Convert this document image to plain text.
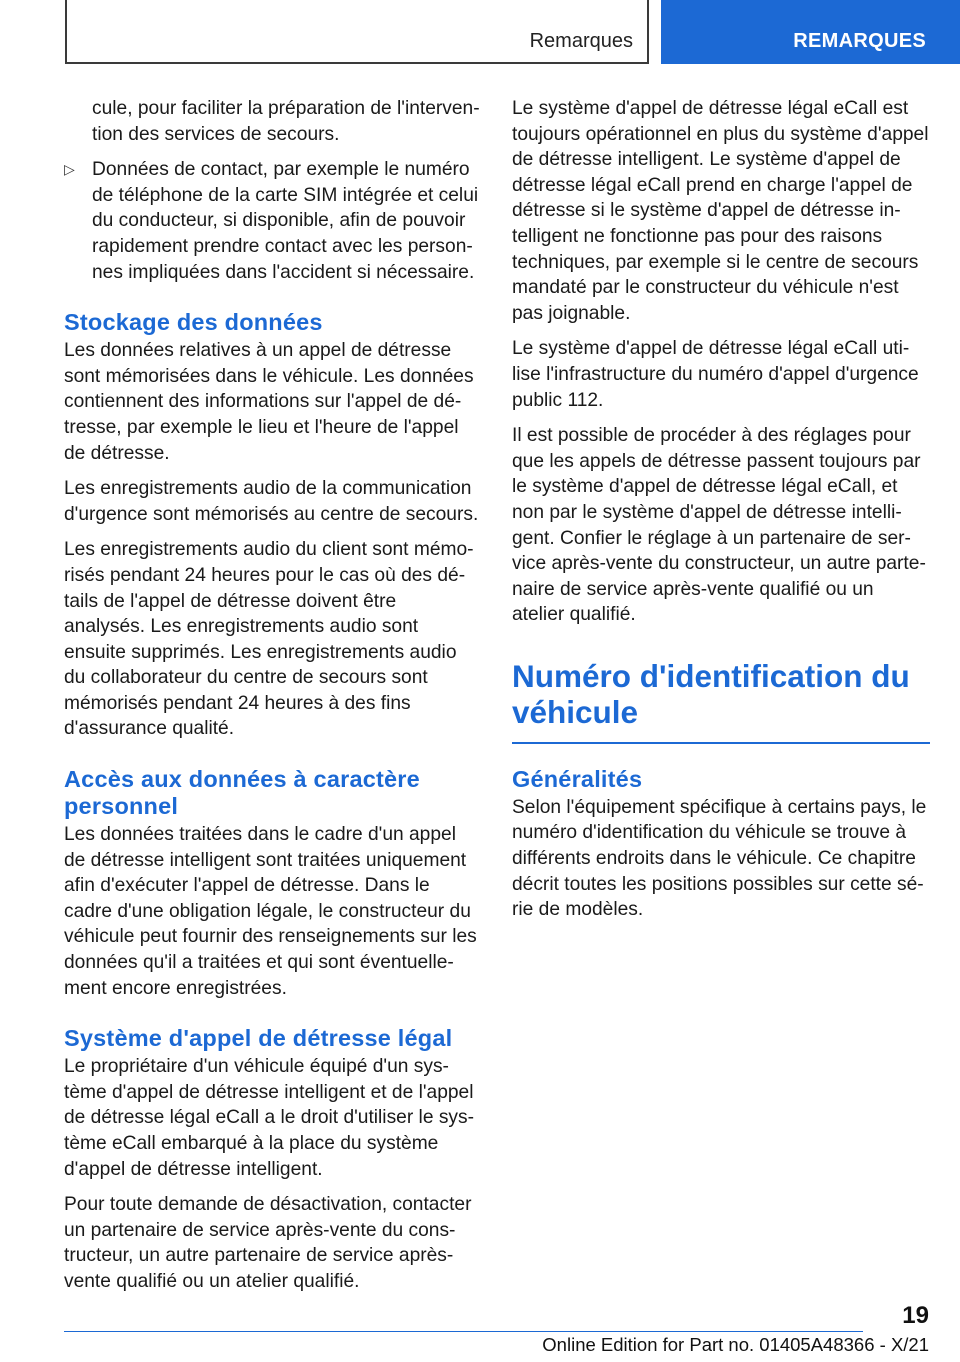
Remarques	REMARQUES
cule, pour faciliter la préparation de l'intervention des services de secours.
▷ Données de contact, par exemple le numéro de téléphone de la carte SIM intégrée et celui du conducteur, si disponible, afin de pouvoir rapidement prendre contact avec les personnes impliquées dans l'accident si nécessaire.
Stockage des données

Les données relatives à un appel de détresse sont mémorisées dans le véhicule. Les données contiennent des informations sur l'appel de détresse, par exemple le lieu et l'heure de l'appel de détresse.

Les enregistrements audio de la communication d'urgence sont mémorisés au centre de secours.

Les enregistrements audio du client sont mémorisés pendant 24 heures pour le cas où des détails de l'appel de détresse doivent être analysés. Les enregistrements audio sont ensuite supprimés. Les enregistrements audio du collaborateur du centre de secours sont mémorisés pendant 24 heures à des fins d'assurance qualité.

Accès aux données à caractère personnel

Les données traitées dans le cadre d'un appel de détresse intelligent sont traitées uniquement afin d'exécuter l'appel de détresse. Dans le cadre d'une obligation légale, le constructeur du véhicule peut fournir des renseignements sur les données qu'il a traitées et qui sont éventuellement encore enregistrées.

Système d'appel de détresse légal

Le propriétaire d'un véhicule équipé d'un système d'appel de détresse intelligent et de l'appel de détresse légal eCall a le droit d'utiliser le système eCall embarqué à la place du système d'appel de détresse intelligent.

Pour toute demande de désactivation, contacter un partenaire de service après-vente du constructeur, un autre partenaire de service après-vente qualifié ou un atelier qualifié.

Le système d'appel de détresse légal eCall est toujours opérationnel en plus du système d'appel de détresse intelligent. Le système d'appel de détresse légal eCall prend en charge l'appel de détresse si le système d'appel de détresse intelligent ne fonctionne pas pour des raisons techniques, par exemple si le centre de secours mandaté par le constructeur du véhicule n'est pas joignable.

Le système d'appel de détresse légal eCall utilise l'infrastructure du numéro d'appel d'urgence public 112.

Il est possible de procéder à des réglages pour que les appels de détresse passent toujours par le système d'appel de détresse légal eCall, et non par le système d'appel de détresse intelligent. Confier le réglage à un partenaire de service après-vente du constructeur, un autre partenaire de service après-vente qualifié ou un atelier qualifié.

Numéro d'identification du véhicule
Généralités

Selon l'équipement spécifique à certains pays, le numéro d'identification du véhicule se trouve à différents endroits dans le véhicule. Ce chapitre décrit toutes les positions possibles sur cette série de modèles.

19
Online Edition for Part no. 01405A48366 - X/21
